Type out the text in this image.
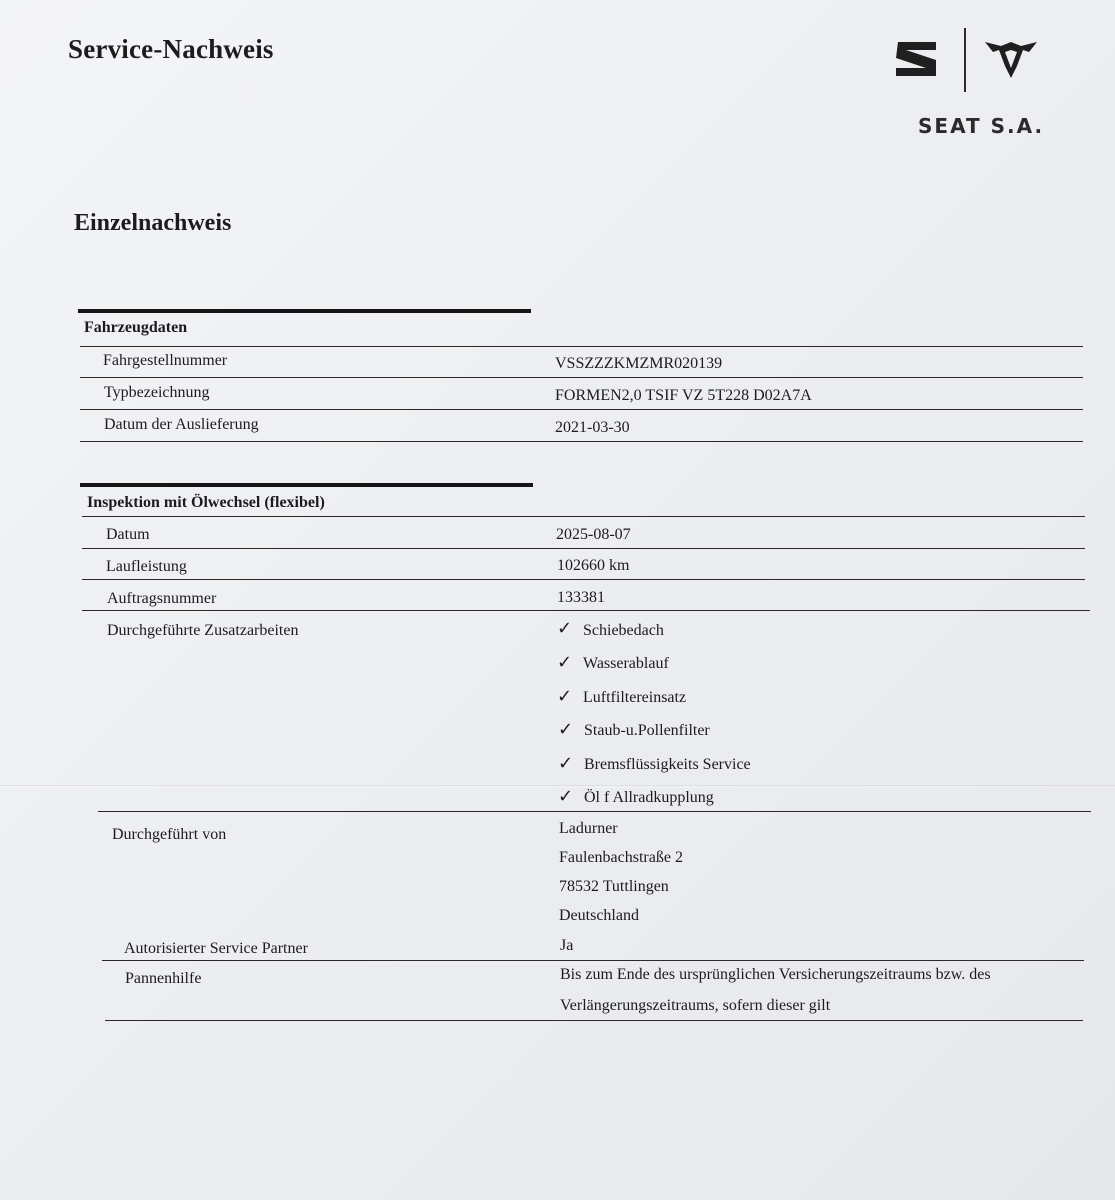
Service-Nachweis
SEAT S.A.
Einzelnachweis
Fahrzeugdaten
Fahrgestellnummer	VSSZZZKMZMR020139
Typbezeichnung	FORMEN2,0 TSIF VZ 5T228 D02A7A
Datum der Auslieferung	2021-03-30
Inspektion mit Ölwechsel (flexibel)
Datum	2025-08-07
Laufleistung	102660 km
Auftragsnummer	133381
Durchgeführte Zusatzarbeiten	✓ Schiebedach
✓ Wasserablauf
✓ Luftfiltereinsatz
✓ Staub-u.Pollenfilter
✓ Bremsflüssigkeits Service
✓ Öl f Allradkupplung
Durchgeführt von	Ladurner
Faulenbachstraße 2
78532 Tuttlingen
Deutschland
Autorisierter Service Partner	Ja
Pannenhilfe	Bis zum Ende des ursprünglichen Versicherungszeitraums bzw. des
Verlängerungszeitraums, sofern dieser gilt
